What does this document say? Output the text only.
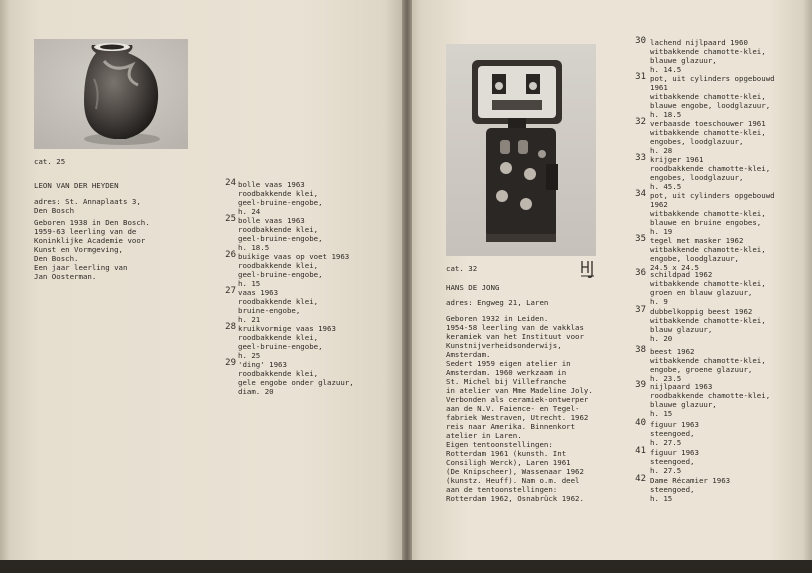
cat. 25
LEON VAN DER HEYDEN
adres: St. Annaplaats 3,
Den Bosch
Geboren 1938 in Den Bosch.
1959-63 leerling van de
Koninklijke Academie voor
Kunst en Vormgeving,
Den Bosch.
Een jaar leerling van
Jan Oosterman.
24 bolle vaas 1963
roodbakkende klei,
geel-bruine-engobe,
h. 24
25 bolle vaas 1963
roodbakkende klei,
geel-bruine-engobe,
h. 18.5
26 buikige vaas op voet 1963
roodbakkende klei,
geel-bruine-engobe,
h. 15
27 vaas 1963
roodbakkende klei,
bruine-engobe,
h. 21
28 kruikvormige vaas 1963
roodbakkende klei,
geel-bruine-engobe,
h. 25
29 'ding' 1963
roodbakkende klei,
gele engobe onder glazuur,
diam. 20
cat. 32
HANS DE JONG
adres: Engweg 21, Laren
Geboren 1932 in Leiden.
1954-58 leerling van de vakklas
keramiek van het Instituut voor
Kunstnijverheidsonderwijs,
Amsterdam.
Sedert 1959 eigen atelier in
Amsterdam. 1960 werkzaam in
St. Michel bij Villefranche
in atelier van Mme Madeline Joly.
Verbonden als ceramiek-ontwerper
aan de N.V. Faience- en Tegel-
fabriek Westraven, Utrecht. 1962
reis naar Amerika. Binnenkort
atelier in Laren.
Eigen tentoonstellingen:
Rotterdam 1961 (kunsth. Int
Consiligh Werck), Laren 1961
(De Knipscheer), Wassenaar 1962
(kunstz. Heuff). Nam o.m. deel
aan de tentoonstellingen:
Rotterdam 1962, Osnabrück 1962.
30 lachend nijlpaard 1960
witbakkende chamotte-klei,
blauwe glazuur,
h. 14.5
31 pot, uit cylinders opgebouwd
1961
witbakkende chamotte-klei,
blauwe engobe, loodglazuur,
h. 18.5
32 verbaasde toeschouwer 1961
witbakkende chamotte-klei,
engobes, loodglazuur,
h. 28
33 krijger 1961
roodbakkende chamotte-klei,
engobes, loodglazuur,
h. 45.5
34 pot, uit cylinders opgebouwd
1962
witbakkende chamotte-klei,
blauwe en bruine engobes,
h. 19
35 tegel met masker 1962
witbakkende chamotte-klei,
engobe, loodglazuur,
24.5 x 24.5
36 schildpad 1962
witbakkende chamotte-klei,
groen en blauw glazuur,
h. 9
37 dubbelkoppig beest 1962
witbakkende chamotte-klei,
blauw glazuur,
h. 20
38 beest 1962
witbakkende chamotte-klei,
engobe, groene glazuur,
h. 23.5
39 nijlpaard 1963
roodbakkende chamotte-klei,
blauwe glazuur,
h. 15
40 figuur 1963
steengoed,
h. 27.5
41 figuur 1963
steengoed,
h. 27.5
42 Dame Récamier 1963
steengoed,
h. 15
